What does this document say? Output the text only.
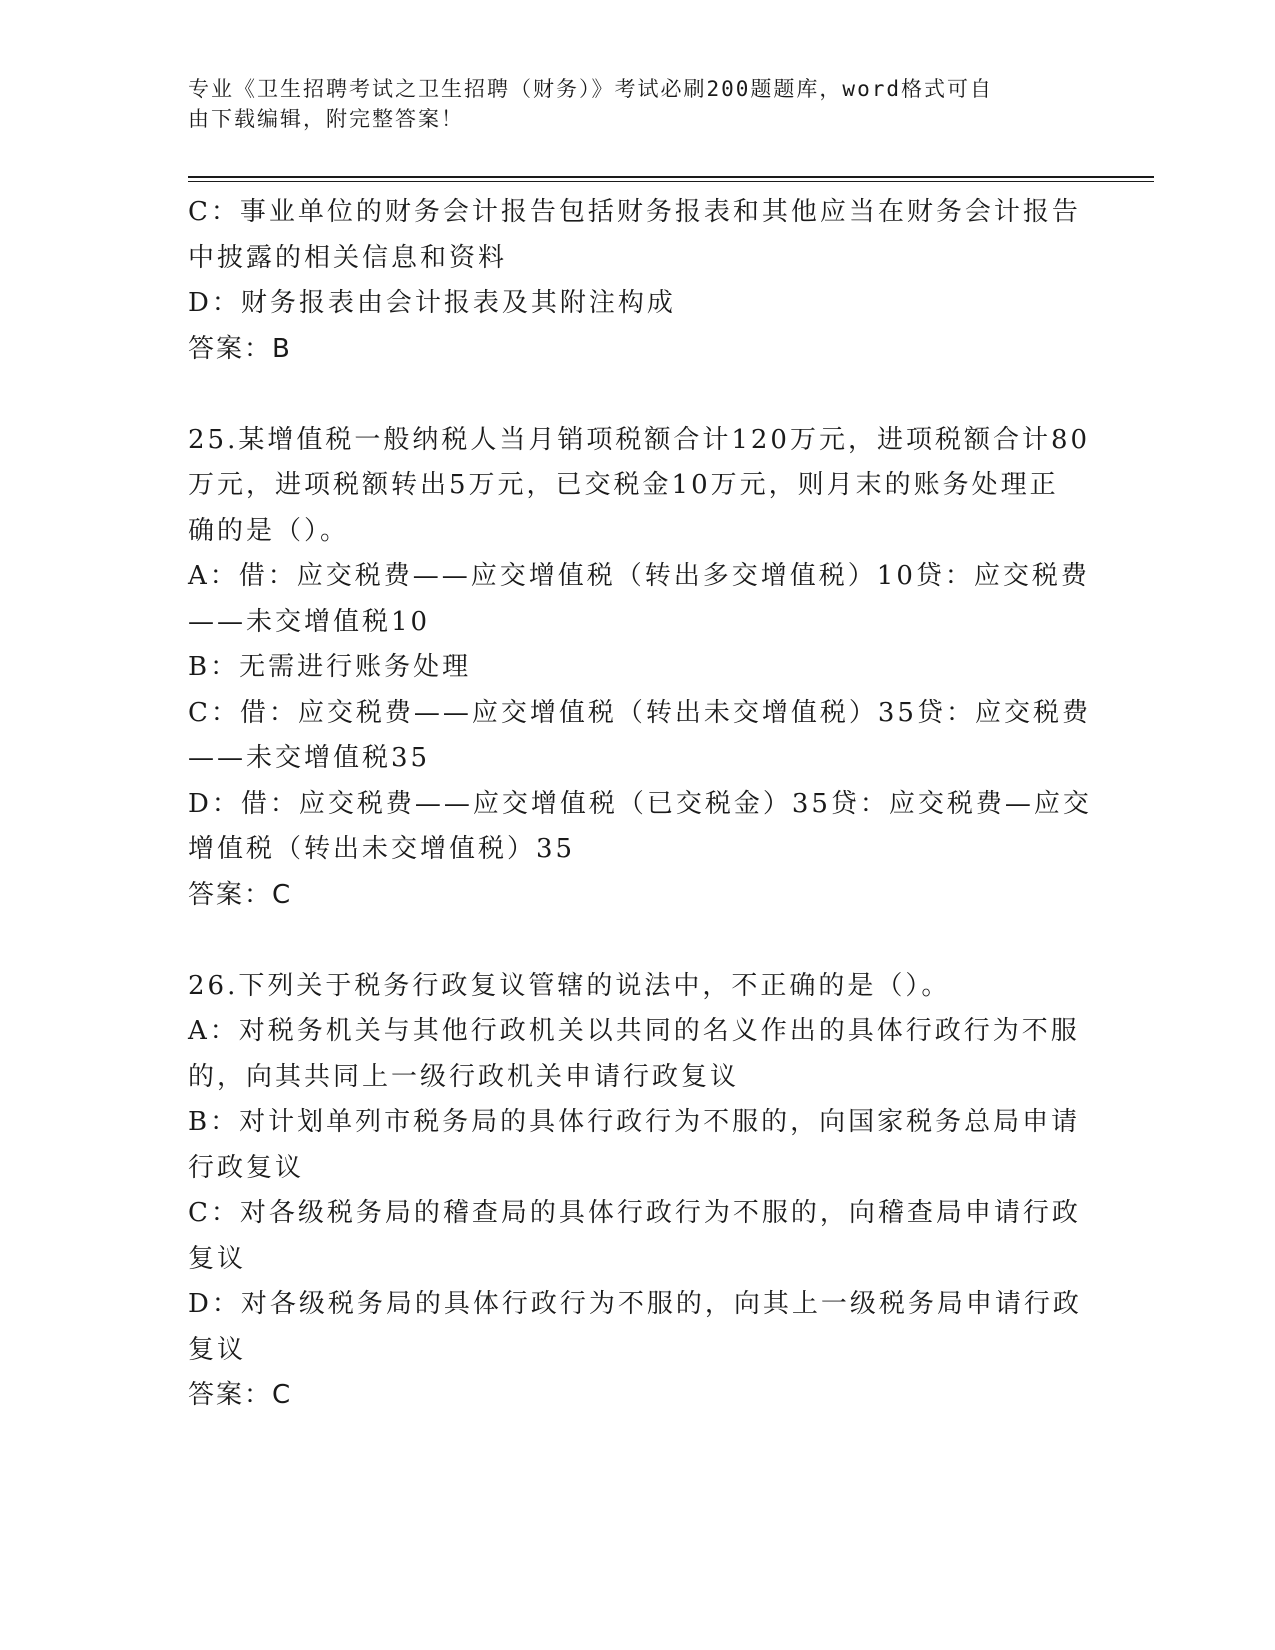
专业《卫生招聘考试之卫生招聘（财务）》考试必刷200题题库，word格式可自
由下载编辑，附完整答案！
C：事业单位的财务会计报告包括财务报表和其他应当在财务会计报告
中披露的相关信息和资料
D：财务报表由会计报表及其附注构成
答案：B
25.某增值税一般纳税人当月销项税额合计120万元，进项税额合计80
万元，进项税额转出5万元，已交税金10万元，则月末的账务处理正
确的是（）。
A：借：应交税费——应交增值税（转出多交增值税）10贷：应交税费
——未交增值税10
B：无需进行账务处理
C：借：应交税费——应交增值税（转出未交增值税）35贷：应交税费
——未交增值税35
D：借：应交税费——应交增值税（已交税金）35贷：应交税费—应交
增值税（转出未交增值税）35
答案：C
26.下列关于税务行政复议管辖的说法中，不正确的是（）。
A：对税务机关与其他行政机关以共同的名义作出的具体行政行为不服
的，向其共同上一级行政机关申请行政复议
B：对计划单列市税务局的具体行政行为不服的，向国家税务总局申请
行政复议
C：对各级税务局的稽查局的具体行政行为不服的，向稽查局申请行政
复议
D：对各级税务局的具体行政行为不服的，向其上一级税务局申请行政
复议
答案：C
